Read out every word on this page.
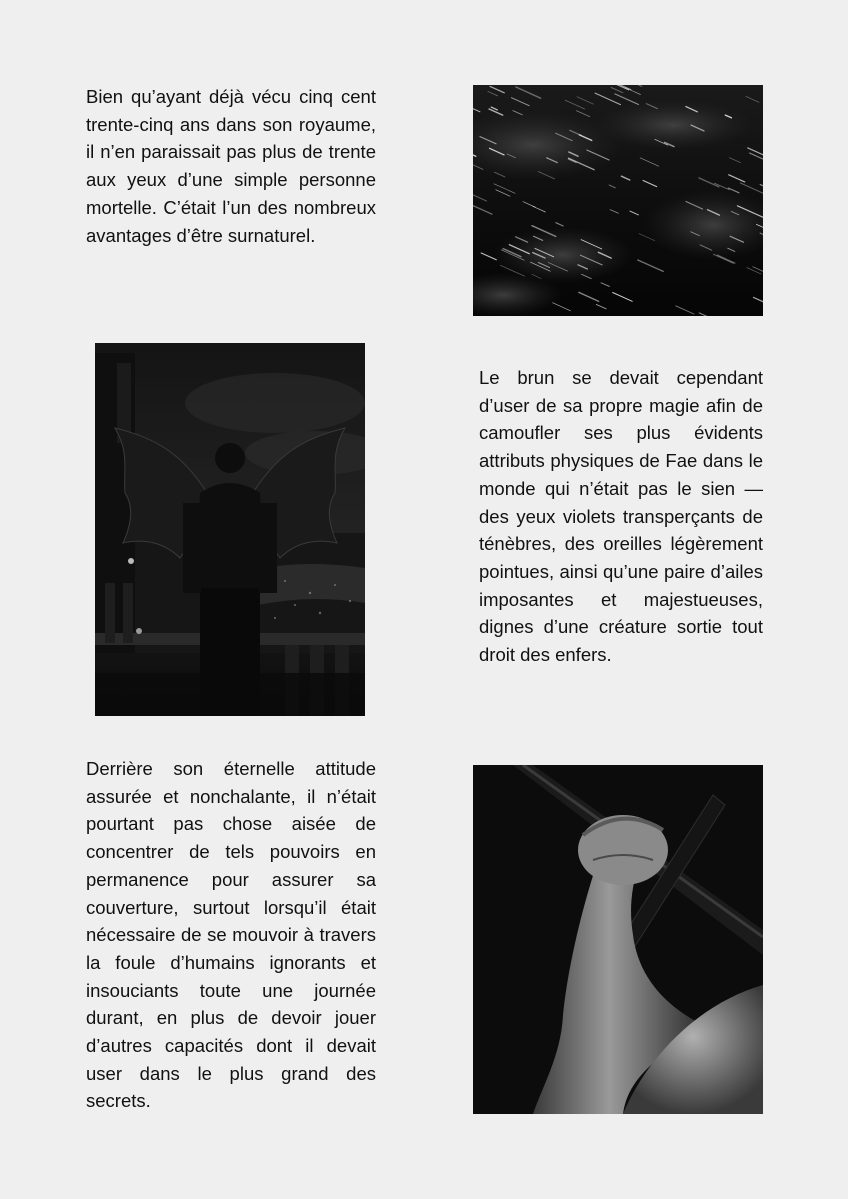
Bien qu’ayant déjà vécu cinq cent trente-cinq ans dans son royaume, il n’en paraissait pas plus de trente aux yeux d’une simple personne mortelle. C’était l’un des nombreux avantages d’être surnaturel.

Le brun se devait cependant d’user de sa propre magie afin de camoufler ses plus évidents attributs physiques de Fae dans le monde qui n’était pas le sien — des yeux violets transperçants de ténèbres, des oreilles légèrement pointues, ainsi qu’une paire d’ailes imposantes et majestueuses, dignes d’une créature sortie tout droit des enfers.

Derrière son éternelle attitude assurée et nonchalante, il n’était pourtant pas chose aisée de concentrer de tels pouvoirs en permanence pour assurer sa couverture, surtout lorsqu’il était nécessaire de se mouvoir à travers la foule d’humains ignorants et insouciants toute une journée durant, en plus de devoir jouer d’autres capacités dont il devait user dans le plus grand des secrets.
